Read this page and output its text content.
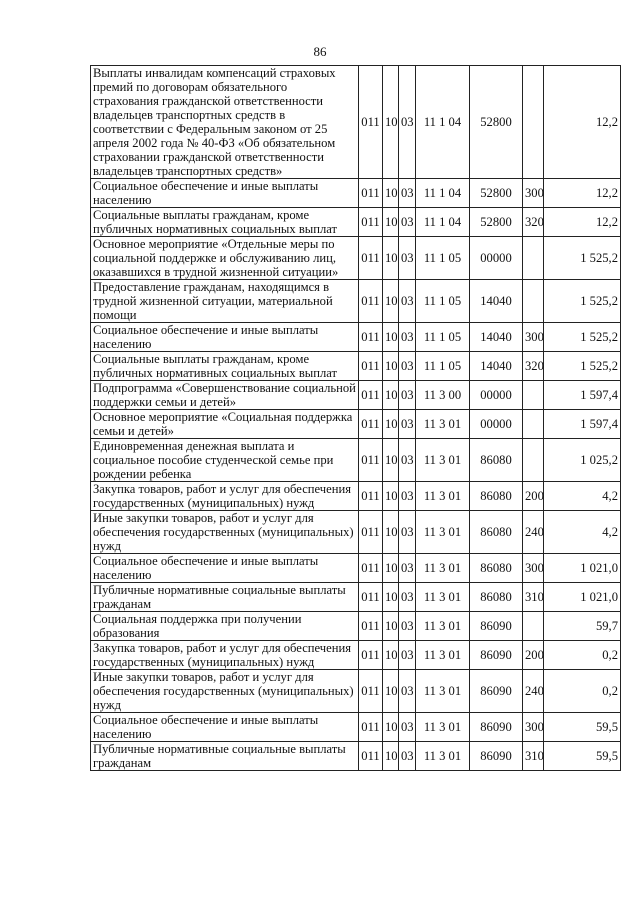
86
Выплаты инвалидам компенсаций страховых премий по договорам обязательного страхования гражданской ответственности владельцев транспортных средств в соответствии с Федеральным законом от 25 апреля 2002 года № 40-ФЗ «Об обязательном страховании гражданской ответственности владельцев транспортных средств»	011	10	03	11 1 04	52800		12,2
Социальное обеспечение и иные выплаты населению	011	10	03	11 1 04	52800	300	12,2
Социальные выплаты гражданам, кроме публичных нормативных социальных выплат	011	10	03	11 1 04	52800	320	12,2
Основное мероприятие «Отдельные меры по социальной поддержке и обслуживанию лиц, оказавшихся в трудной жизненной ситуации»	011	10	03	11 1 05	00000		1 525,2
Предоставление гражданам, находящимся в трудной жизненной ситуации, материальной помощи	011	10	03	11 1 05	14040		1 525,2
Социальное обеспечение и иные выплаты населению	011	10	03	11 1 05	14040	300	1 525,2
Социальные выплаты гражданам, кроме публичных нормативных социальных выплат	011	10	03	11 1 05	14040	320	1 525,2
Подпрограмма «Совершенствование социальной поддержки семьи и детей»	011	10	03	11 3 00	00000		1 597,4
Основное мероприятие «Социальная поддержка семьи и детей»	011	10	03	11 3 01	00000		1 597,4
Единовременная денежная выплата и социальное пособие студенческой семье при рождении ребенка	011	10	03	11 3 01	86080		1 025,2
Закупка товаров, работ и услуг для обеспечения государственных (муниципальных) нужд	011	10	03	11 3 01	86080	200	4,2
Иные закупки товаров, работ и услуг для обеспечения государственных (муниципальных) нужд	011	10	03	11 3 01	86080	240	4,2
Социальное обеспечение и иные выплаты населению	011	10	03	11 3 01	86080	300	1 021,0
Публичные нормативные социальные выплаты гражданам	011	10	03	11 3 01	86080	310	1 021,0
Социальная поддержка при получении образования	011	10	03	11 3 01	86090		59,7
Закупка товаров, работ и услуг для обеспечения государственных (муниципальных) нужд	011	10	03	11 3 01	86090	200	0,2
Иные закупки товаров, работ и услуг для обеспечения государственных (муниципальных) нужд	011	10	03	11 3 01	86090	240	0,2
Социальное обеспечение и иные выплаты населению	011	10	03	11 3 01	86090	300	59,5
Публичные нормативные социальные выплаты гражданам	011	10	03	11 3 01	86090	310	59,5
